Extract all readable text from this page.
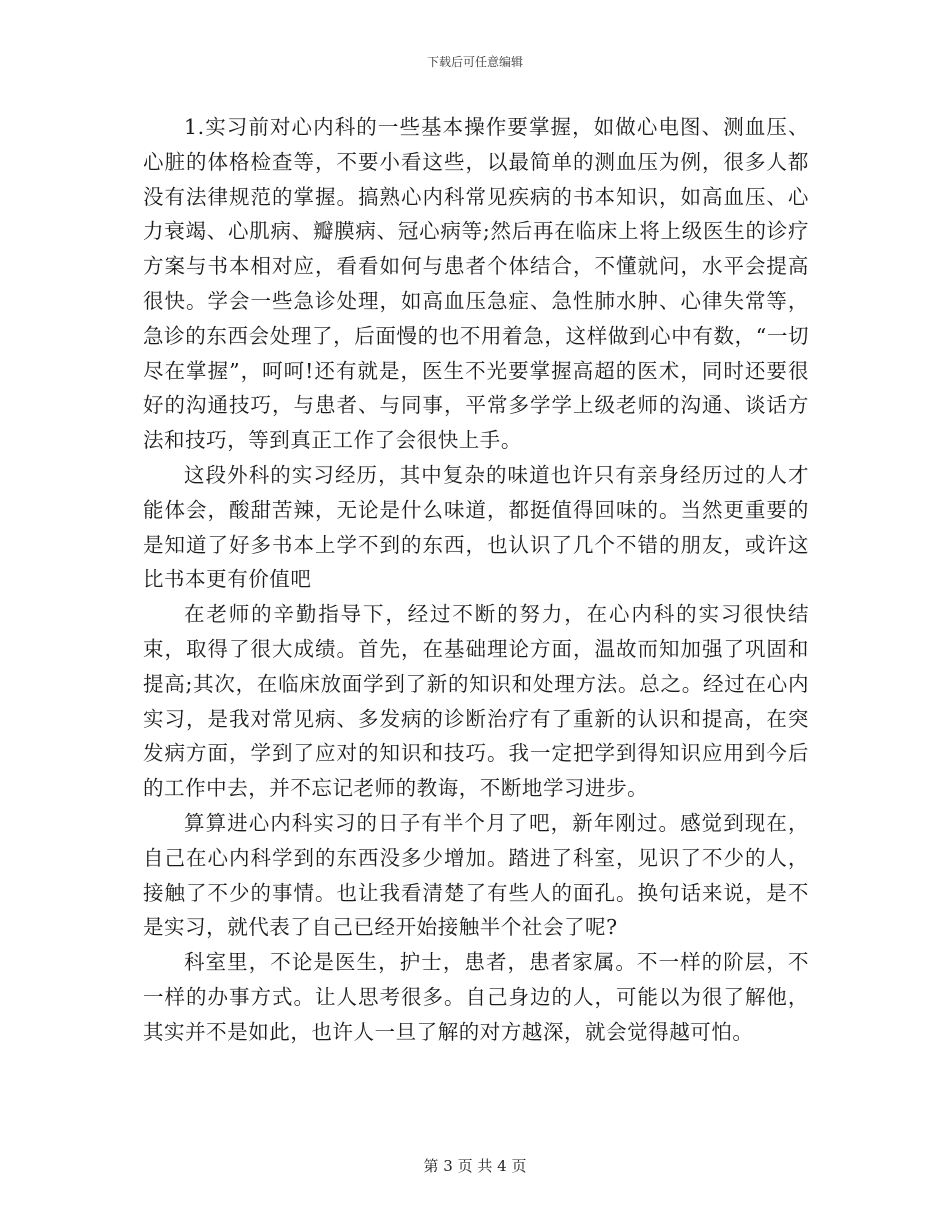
下载后可任意编辑

1.实习前对心内科的一些基本操作要掌握，如做心电图、测血压、心脏的体格检查等，不要小看这些，以最简单的测血压为例，很多人都没有法律规范的掌握。搞熟心内科常见疾病的书本知识，如高血压、心力衰竭、心肌病、瓣膜病、冠心病等;然后再在临床上将上级医生的诊疗方案与书本相对应，看看如何与患者个体结合，不懂就问，水平会提高很快。学会一些急诊处理，如高血压急症、急性肺水肿、心律失常等，急诊的东西会处理了，后面慢的也不用着急，这样做到心中有数，“一切尽在掌握”，呵呵!还有就是，医生不光要掌握高超的医术，同时还要很好的沟通技巧，与患者、与同事，平常多学学上级老师的沟通、谈话方法和技巧，等到真正工作了会很快上手。

这段外科的实习经历，其中复杂的味道也许只有亲身经历过的人才能体会，酸甜苦辣，无论是什么味道，都挺值得回味的。当然更重要的是知道了好多书本上学不到的东西，也认识了几个不错的朋友，或许这比书本更有价值吧

在老师的辛勤指导下，经过不断的努力，在心内科的实习很快结束，取得了很大成绩。首先，在基础理论方面，温故而知加强了巩固和提高;其次，在临床放面学到了新的知识和处理方法。总之。经过在心内实习，是我对常见病、多发病的诊断治疗有了重新的认识和提高，在突发病方面，学到了应对的知识和技巧。我一定把学到得知识应用到今后的工作中去，并不忘记老师的教诲，不断地学习进步。

算算进心内科实习的日子有半个月了吧，新年刚过。感觉到现在，自己在心内科学到的东西没多少增加。踏进了科室，见识了不少的人，接触了不少的事情。也让我看清楚了有些人的面孔。换句话来说，是不是实习，就代表了自己已经开始接触半个社会了呢?

科室里，不论是医生，护士，患者，患者家属。不一样的阶层，不一样的办事方式。让人思考很多。自己身边的人，可能以为很了解他，其实并不是如此，也许人一旦了解的对方越深，就会觉得越可怕。

第 3 页 共 4 页
